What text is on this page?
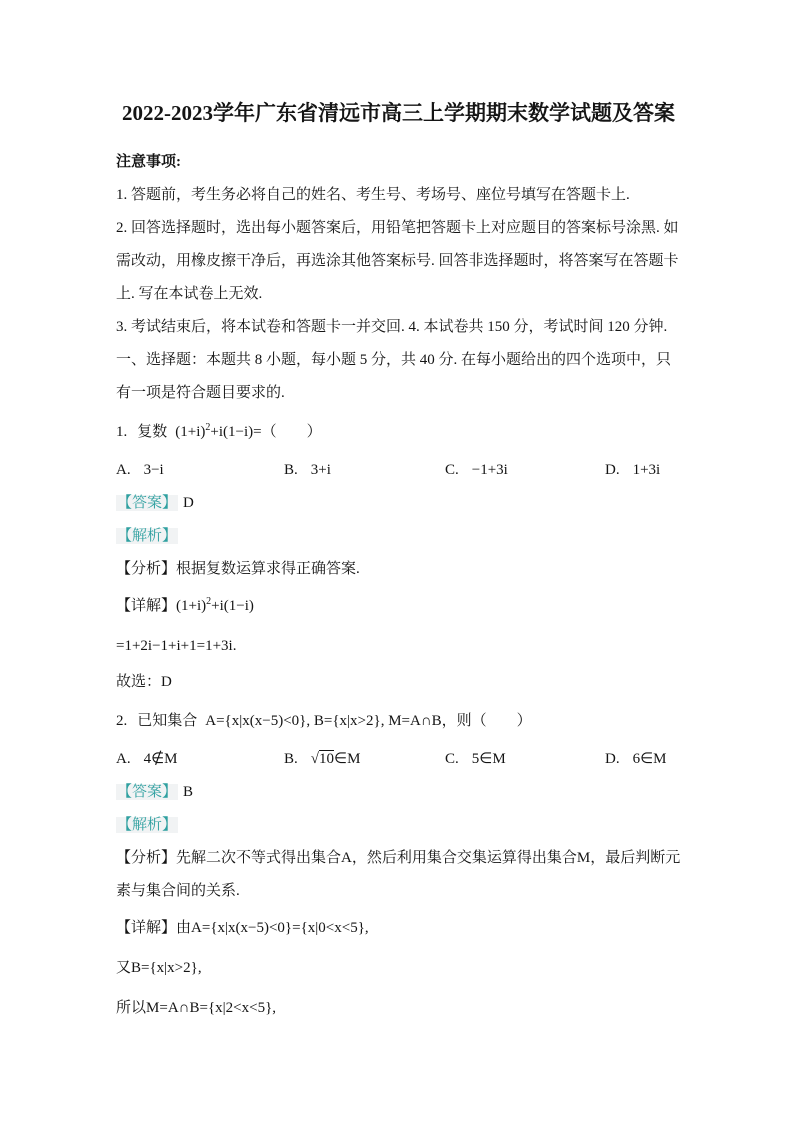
2022-2023学年广东省清远市高三上学期期末数学试题及答案

注意事项:

1. 答题前，考生务必将自己的姓名、考生号、考场号、座位号填写在答题卡上.

2. 回答选择题时，选出每小题答案后，用铅笔把答题卡上对应题目的答案标号涂黑. 如需改动，用橡皮擦干净后，再选涂其他答案标号. 回答非选择题时，将答案写在答题卡上. 写在本试卷上无效.

3. 考试结束后，将本试卷和答题卡一并交回. 4. 本试卷共 150 分，考试时间 120 分钟.

一、选择题：本题共 8 小题，每小题 5 分，共 40 分. 在每小题给出的四个选项中，只有一项是符合题目要求的.

1. 复数 $(1+i)^2+i(1-i)=$（　　）

A. 3−i	B. 3+i	C. −1+3i	D. 1+3i

【答案】 D

【解析】

【分析】根据复数运算求得正确答案.

【详解】$(1+i)^2+i(1-i)$

=1+2i−1+i+1=1+3i.

故选：D

2. 已知集合 A={x|x(x−5)<0}, B={x|x>2}, M=A∩B，则（　　）

A. 4∉M	B. √10∈M	C. 5∈M	D. 6∈M

【答案】 B

【解析】

【分析】先解二次不等式得出集合A，然后利用集合交集运算得出集合M，最后判断元素与集合间的关系.

【详解】由A={x|x(x−5)<0}={x|0<x<5},

又B={x|x>2},

所以M=A∩B={x|2<x<5},
